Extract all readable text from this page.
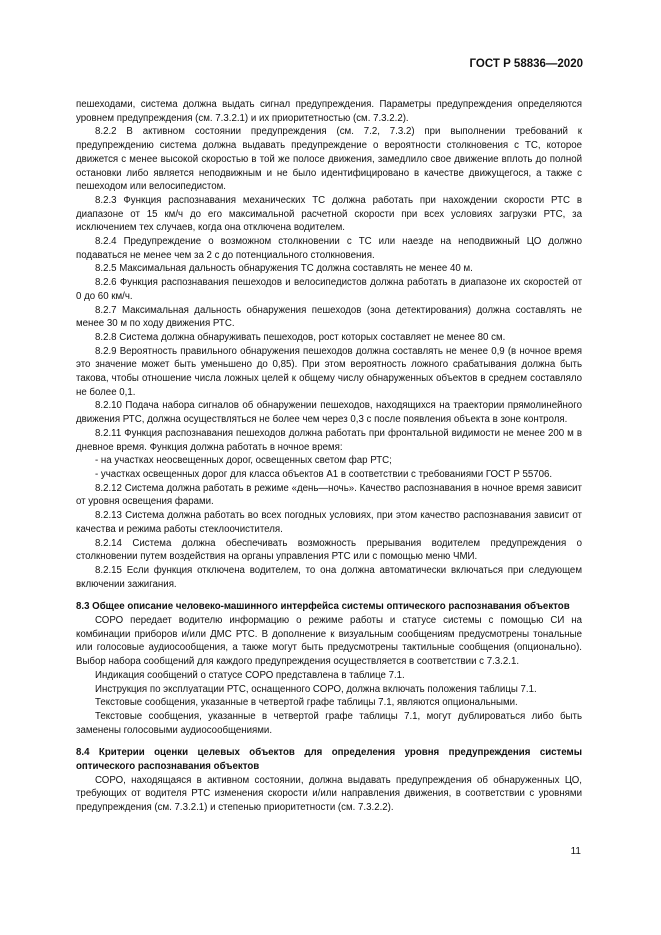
ГОСТ Р 58836—2020

пешеходами, система должна выдать сигнал предупреждения. Параметры предупреждения определяются уровнем предупреждения (см. 7.3.2.1) и их приоритетностью (см. 7.3.2.2).

8.2.2 В активном состоянии предупреждения (см. 7.2, 7.3.2) при выполнении требований к предупреждению система должна выдавать предупреждение о вероятности столкновения с ТС, которое движется с менее высокой скоростью в той же полосе движения, замедлило свое движение вплоть до полной остановки либо является неподвижным и не было идентифицировано в качестве движущегося, а также с пешеходом или велосипедистом.

8.2.3 Функция распознавания механических ТС должна работать при нахождении скорости РТС в диапазоне от 15 км/ч до его максимальной расчетной скорости при всех условиях загрузки РТС, за исключением тех случаев, когда она отключена водителем.

8.2.4 Предупреждение о возможном столкновении с ТС или наезде на неподвижный ЦО должно подаваться не менее чем за 2 с до потенциального столкновения.

8.2.5 Максимальная дальность обнаружения ТС должна составлять не менее 40 м.

8.2.6 Функция распознавания пешеходов и велосипедистов должна работать в диапазоне их скоростей от 0 до 60 км/ч.

8.2.7 Максимальная дальность обнаружения пешеходов (зона детектирования) должна составлять не менее 30 м по ходу движения РТС.

8.2.8 Система должна обнаруживать пешеходов, рост которых составляет не менее 80 см.

8.2.9 Вероятность правильного обнаружения пешеходов должна составлять не менее 0,9 (в ночное время это значение может быть уменьшено до 0,85). При этом вероятность ложного срабатывания должна быть такова, чтобы отношение числа ложных целей к общему числу обнаруженных объектов в среднем составляло не более 0,1.

8.2.10 Подача набора сигналов об обнаружении пешеходов, находящихся на траектории прямолинейного движения РТС, должна осуществляться не более чем через 0,3 с после появления объекта в зоне контроля.

8.2.11 Функция распознавания пешеходов должна работать при фронтальной видимости не менее 200 м в дневное время. Функция должна работать в ночное время:

- на участках неосвещенных дорог, освещенных светом фар РТС;

- участках освещенных дорог для класса объектов А1 в соответствии с требованиями ГОСТ Р 55706.

8.2.12 Система должна работать в режиме «день—ночь». Качество распознавания в ночное время зависит от уровня освещения фарами.

8.2.13 Система должна работать во всех погодных условиях, при этом качество распознавания зависит от качества и режима работы стеклоочистителя.

8.2.14 Система должна обеспечивать возможность прерывания водителем предупреждения о столкновении путем воздействия на органы управления РТС или с помощью меню ЧМИ.

8.2.15 Если функция отключена водителем, то она должна автоматически включаться при следующем включении зажигания.

8.3 Общее описание человеко-машинного интерфейса системы оптического распознавания объектов

СОРО передает водителю информацию о режиме работы и статусе системы с помощью СИ на комбинации приборов и/или ДМС РТС. В дополнение к визуальным сообщениям предусмотрены тональные или голосовые аудиосообщения, а также могут быть предусмотрены тактильные сообщения (опционально). Выбор набора сообщений для каждого предупреждения осуществляется в соответствии с 7.3.2.1.

Индикация сообщений о статусе СОРО представлена в таблице 7.1.

Инструкция по эксплуатации РТС, оснащенного СОРО, должна включать положения таблицы 7.1.

Текстовые сообщения, указанные в четвертой графе таблицы 7.1, являются опциональными.

Текстовые сообщения, указанные в четвертой графе таблицы 7.1, могут дублироваться либо быть заменены голосовыми аудиосообщениями.

8.4 Критерии оценки целевых объектов для определения уровня предупреждения системы оптического распознавания объектов

СОРО, находящаяся в активном состоянии, должна выдавать предупреждения об обнаруженных ЦО, требующих от водителя РТС изменения скорости и/или направления движения, в соответствии с уровнями предупреждения (см. 7.3.2.1) и степенью приоритетности (см. 7.3.2.2).

11
